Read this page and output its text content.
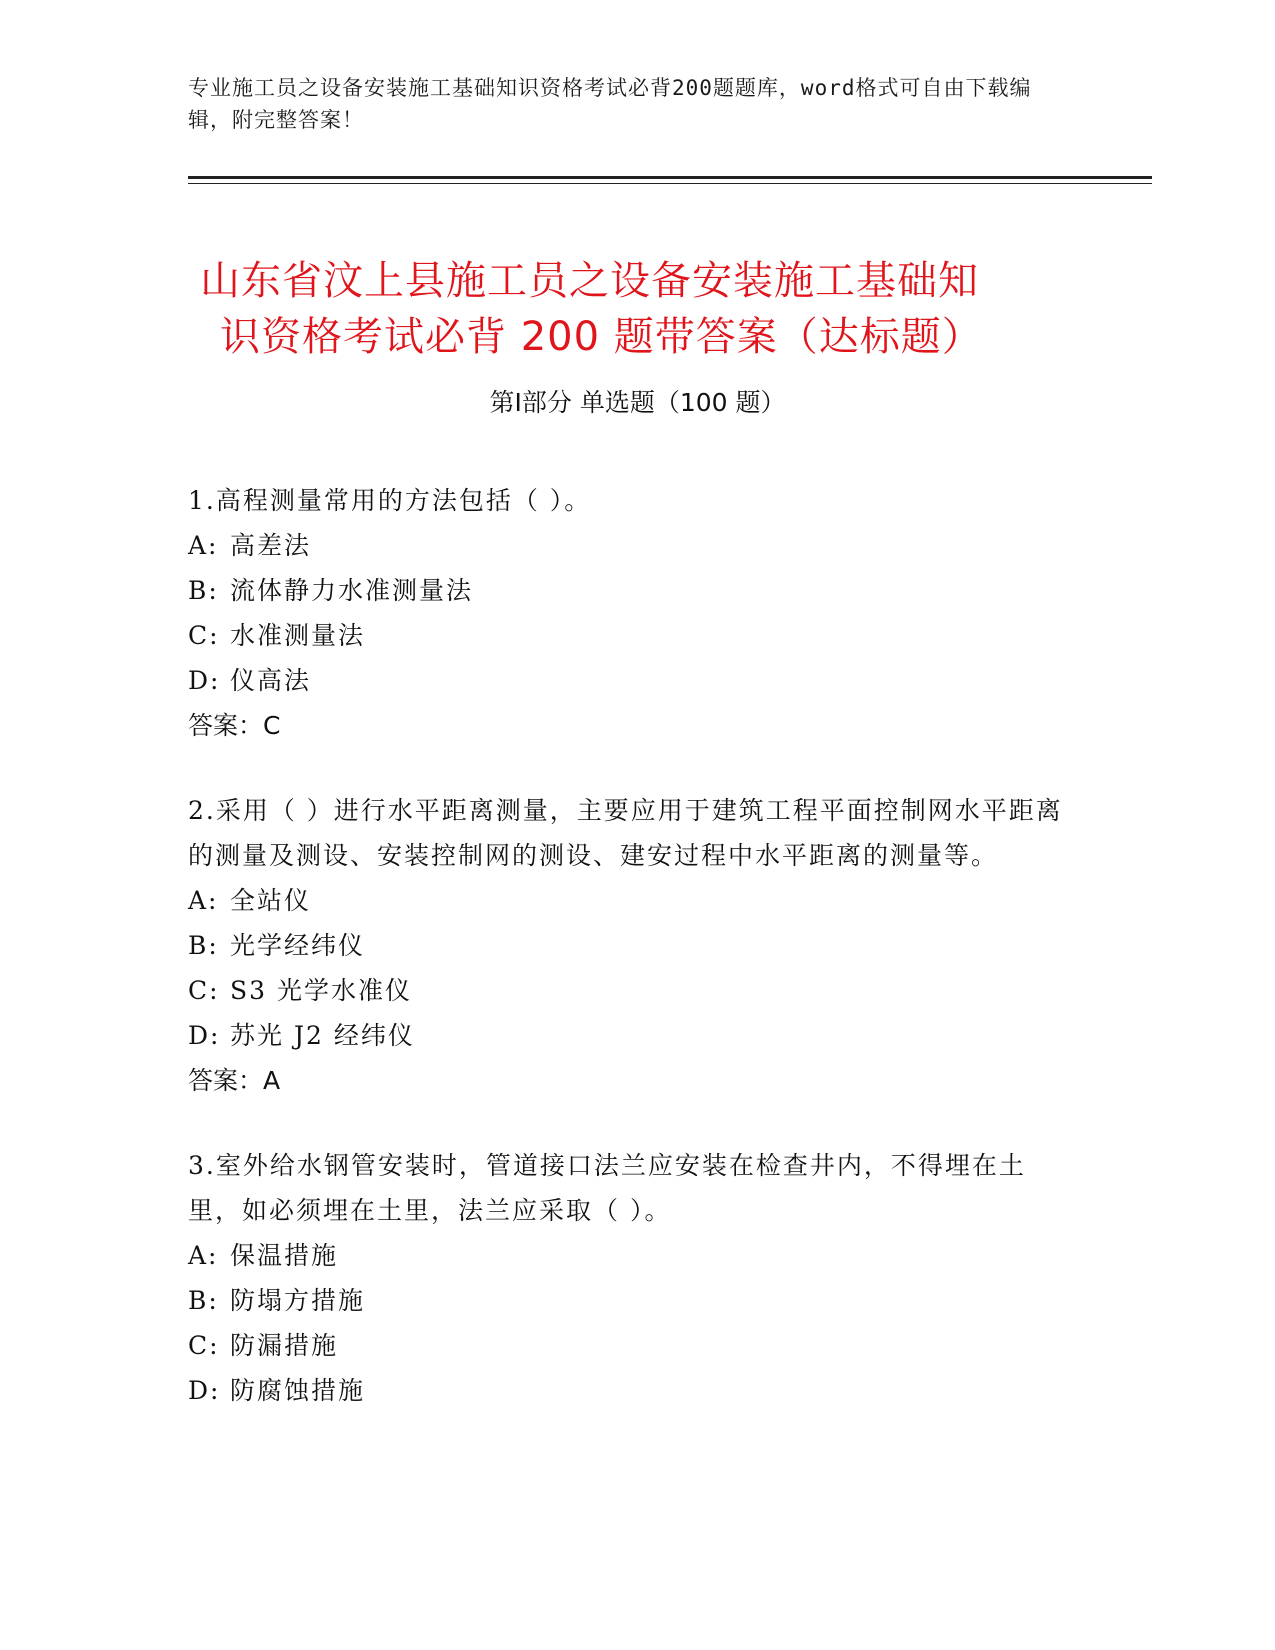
专业施工员之设备安装施工基础知识资格考试必背200题题库，word格式可自由下载编辑，附完整答案！
山东省汶上县施工员之设备安装施工基础知
识资格考试必背 200 题带答案（达标题）
第Ⅰ部分 单选题（100 题）
1.高程测量常用的方法包括（ ）。
A: 高差法
B: 流体静力水准测量法
C: 水准测量法
D: 仪高法
答案：C
2.采用（ ）进行水平距离测量，主要应用于建筑工程平面控制网水平距离的测量及测设、安装控制网的测设、建安过程中水平距离的测量等。
A: 全站仪
B: 光学经纬仪
C: S3 光学水准仪
D: 苏光 J2 经纬仪
答案：A
3.室外给水钢管安装时，管道接口法兰应安装在检查井内，不得埋在土里，如必须埋在土里，法兰应采取（ ）。
A: 保温措施
B: 防塌方措施
C: 防漏措施
D: 防腐蚀措施
